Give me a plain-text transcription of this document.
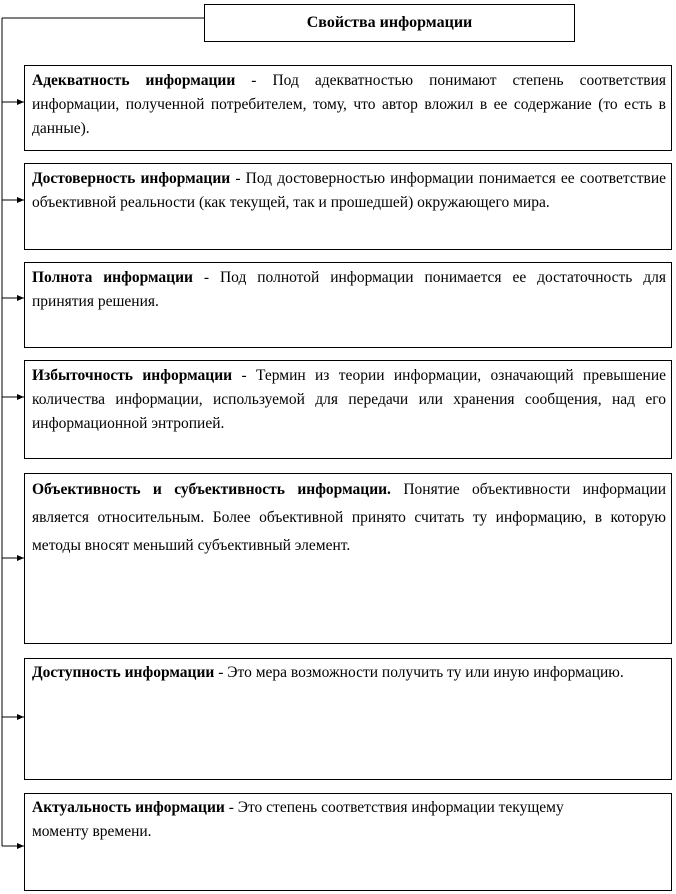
Свойства информации
Адекватность информации - Под адекватностью понимают степень соответствия информации, полученной потребителем, тому, что автор вложил в ее содержание (то есть в данные).
Достоверность информации - Под достоверностью информации понимается ее соответствие объективной реальности (как текущей, так и прошедшей) окружающего мира.
Полнота информации - Под полнотой информации понимается ее достаточность для принятия решения.
Избыточность информации - Термин из теории информации, означающий превышение количества информации, используемой для передачи или хранения сообщения, над его информационной энтропией.
Объективность и субъективность информации. Понятие объективности информации является относительным. Более объективной принято считать ту информацию, в которую методы вносят меньший субъективный элемент.
Доступность информации - Это мера возможности получить ту или иную информацию.
Актуальность информации - Это степень соответствия информации текущему моменту времени.
